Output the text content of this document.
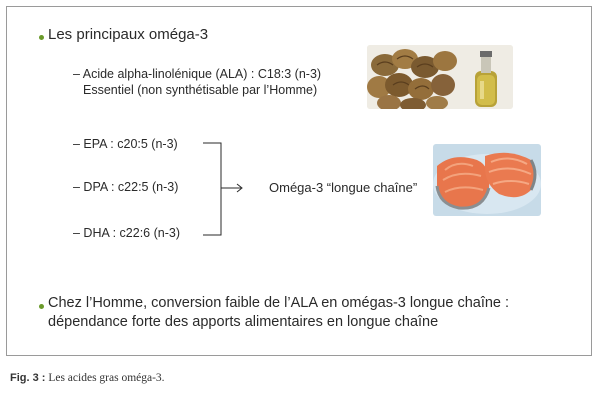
Les principaux oméga-3
– Acide alpha-linolénique (ALA) : C18:3 (n-3)
Essentiel (non synthétisable par l’Homme)
– EPA : c20:5 (n-3)
– DPA : c22:5 (n-3)
– DHA : c22:6 (n-3)
Oméga-3 “longue chaîne”
Chez l’Homme, conversion faible de l’ALA en omégas-3 longue chaîne :
dépendance forte des apports alimentaires en longue chaîne
Fig. 3 : Les acides gras oméga-3.
